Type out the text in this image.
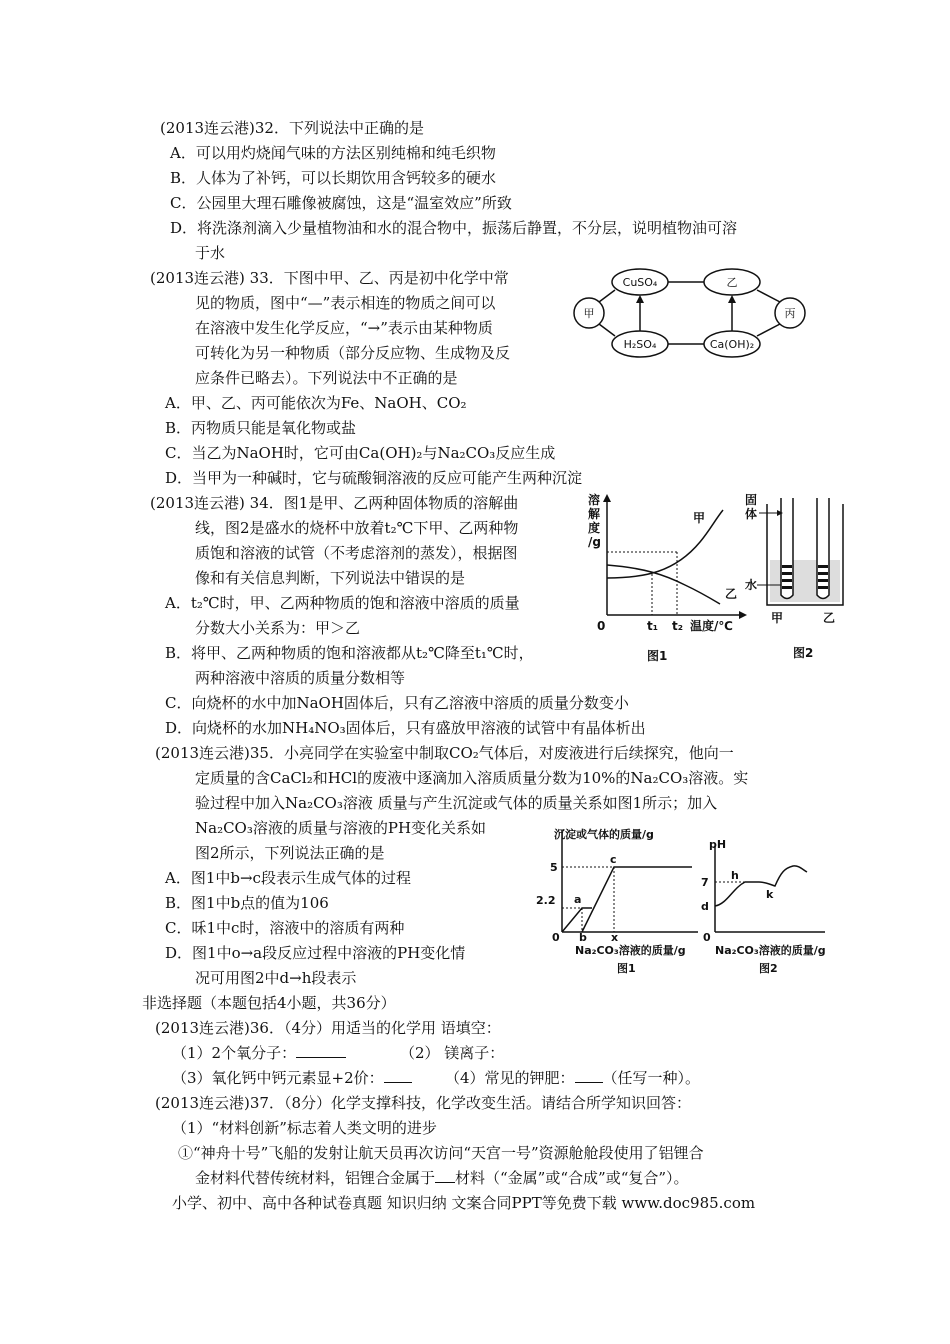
(2013连云港)32．下列说法中正确的是
A．可以用灼烧闻气味的方法区别纯棉和纯毛织物
B．人体为了补钙，可以长期饮用含钙较多的硬水
C．公园里大理石雕像被腐蚀，这是“温室效应”所致
D．将洗涤剂滴入少量植物油和水的混合物中，振荡后静置，不分层，说明植物油可溶
于水
(2013连云港) 33．下图中甲、乙、丙是初中化学中常
见的物质，图中“—”表示相连的物质之间可以
在溶液中发生化学反应，“→”表示由某种物质
可转化为另一种物质（部分反应物、生成物及反
应条件已略去）。下列说法中不正确的是
A．甲、乙、丙可能依次为Fe、NaOH、CO₂
B．丙物质只能是氧化物或盐
C．当乙为NaOH时，它可由Ca(OH)₂与Na₂CO₃反应生成
D．当甲为一种碱时，它与硫酸铜溶液的反应可能产生两种沉淀
CuSO₄	乙
甲	丙
H₂SO₄	Ca(OH)₂
(2013连云港) 34．图1是甲、乙两种固体物质的溶解曲
线，图2是盛水的烧杯中放着t₂℃下甲、乙两种物
质饱和溶液的试管（不考虑溶剂的蒸发），根据图
像和有关信息判断，下列说法中错误的是
A．t₂℃时，甲、乙两种物质的饱和溶液中溶质的质量
分数大小关系为：甲＞乙
B．将甲、乙两种物质的饱和溶液都从t₂℃降至t₁℃时，
两种溶液中溶质的质量分数相等
C．向烧杯的水中加NaOH固体后，只有乙溶液中溶质的质量分数变小
D．向烧杯的水加NH₄NO₃固体后，只有盛放甲溶液的试管中有晶体析出
溶
解
度
/g
甲
乙
0	t₁ t₂ 温度/℃
图1
固
体
水
甲	乙
图2
(2013连云港)35．小亮同学在实验室中制取CO₂气体后，对废液进行后续探究，他向一
定质量的含CaCl₂和HCl的废液中逐滴加入溶质质量分数为10%的Na₂CO₃溶液。实
验过程中加入Na₂CO₃溶液 质量与产生沉淀或气体的质量关系如图1所示；加入
Na₂CO₃溶液的质量与溶液的PH变化关系如
图2所示，下列说法正确的是
A．图1中b→c段表示生成气体的过程
B．图1中b点的值为106
C．咊1中c时，溶液中的溶质有两种
D．图1中o→a段反应过程中溶液的PH变化情
况可用图2中d→h段表示
沉淀或气体的质量/g
5
2.2
0
a
b
c
x
Na₂CO₃溶液的质量/g
图1
pH
7
d
h
k
0
Na₂CO₃溶液的质量/g
图2
非选择题（本题包括4小题，共36分）
(2013连云港)36．（4分）用适当的化学用 语填空：
（1）2个氧分子：	（2） 镁离子：
（3）氧化钙中钙元素显+2价：	（4）常见的钾肥： （任写一种）。
(2013连云港)37．（8分）化学支撑科技，化学改变生活。请结合所学知识回答：
（1）“材料创新”标志着人类文明的进步
①“神舟十号”飞船的发射让航天员再次访问“天宫一号”资源舱舱段使用了铝锂合
金材料代替传统材料，铝锂合金属于 材料（“金属”或“合成”或“复合”）。
小学、初中、高中各种试卷真题 知识归纳 文案合同PPT等免费下载 www.doc985.com
